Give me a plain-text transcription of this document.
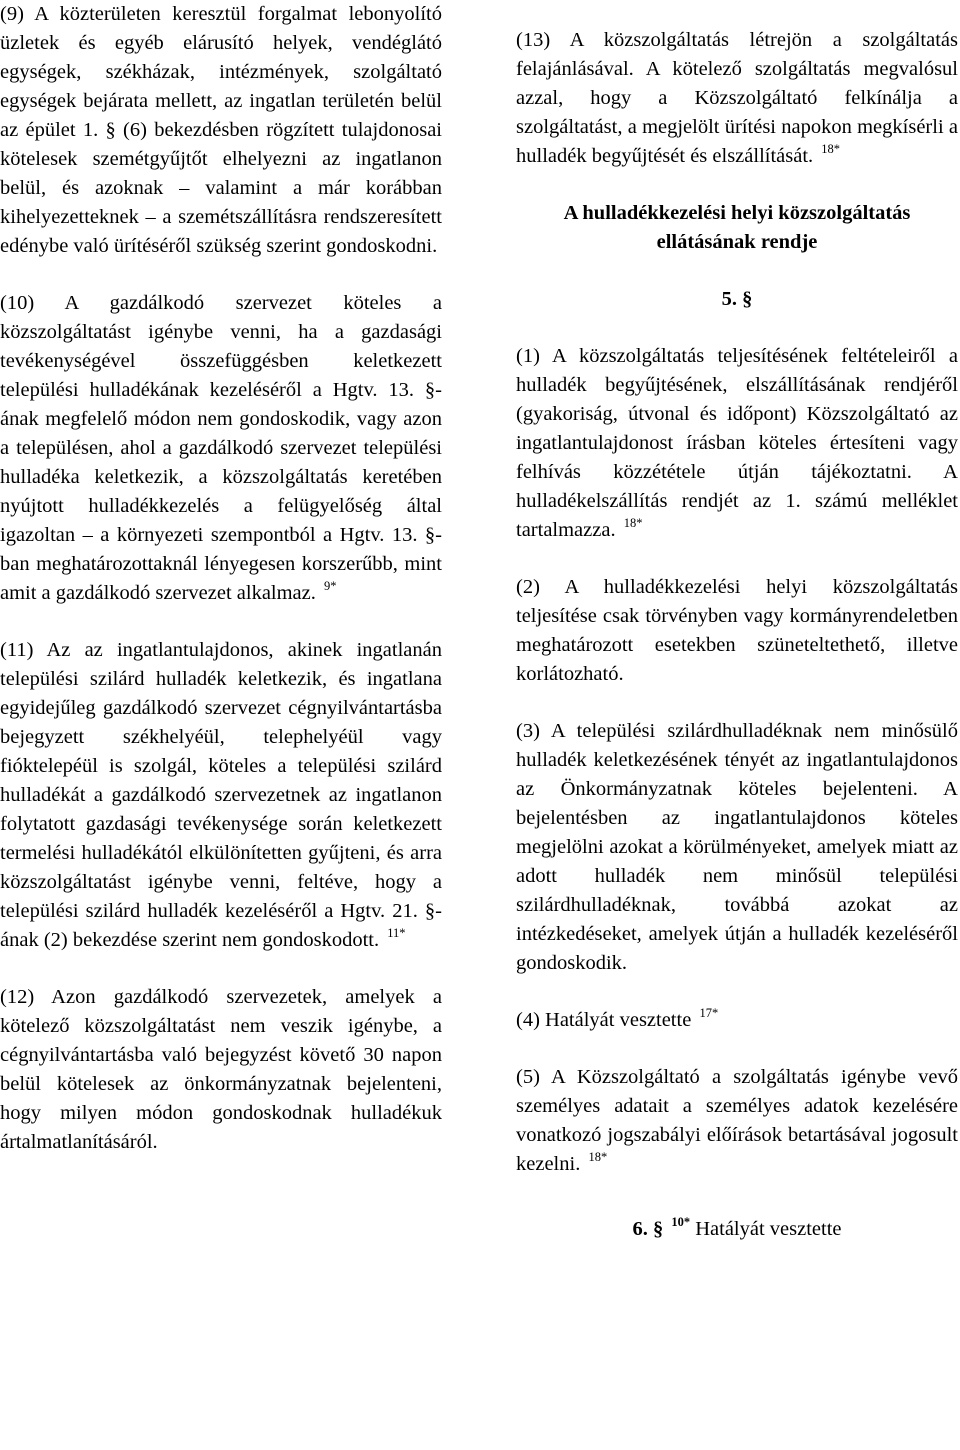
(9) A közterületen keresztül forgalmat lebonyolító üzletek és egyéb elárusító helyek, vendéglátó egységek, székházak, intézmények, szolgáltató egységek bejárata mellett, az ingatlan területén belül az épület 1. § (6) bekezdésben rögzített tulajdonosai kötelesek szemétgyűjtőt elhelyezni az ingatlanon belül, és azoknak – valamint a már korábban kihelyezetteknek – a szemétszállításra rendszeresített edénybe való ürítéséről szükség szerint gondoskodni.

(10) A gazdálkodó szervezet köteles a közszolgáltatást igénybe venni, ha a gazdasági tevékenységével összefüggésben keletkezett települési hulladékának kezeléséről a Hgtv. 13. §-ának megfelelő módon nem gondoskodik, vagy azon a településen, ahol a gazdálkodó szervezet települési hulladéka keletkezik, a közszolgáltatás keretében nyújtott hulladékkezelés a felügyelőség által igazoltan – a környezeti szempontból a Hgtv. 13. §-ban meghatározottaknál lényegesen korszerűbb, mint amit a gazdálkodó szervezet alkalmaz. $^{9*}$

(11) Az az ingatlantulajdonos, akinek ingatlanán települési szilárd hulladék keletkezik, és ingatlana egyidejűleg gazdálkodó szervezet cégnyilvántartásba bejegyzett székhelyéül, telephelyéül vagy fióktelepéül is szolgál, köteles a települési szilárd hulladékát a gazdálkodó szervezetnek az ingatlanon folytatott gazdasági tevékenysége során keletkezett termelési hulladékától elkülönítetten gyűjteni, és arra közszolgáltatást igénybe venni, feltéve, hogy a települési szilárd hulladék kezeléséről a Hgtv. 21. §-ának (2) bekezdése szerint nem gondoskodott. $^{11*}$

(12) Azon gazdálkodó szervezetek, amelyek a kötelező közszolgáltatást nem veszik igénybe, a cégnyilvántartásba való bejegyzést követő 30 napon belül kötelesek az önkormányzatnak bejelenteni, hogy milyen módon gondoskodnak hulladékuk ártalmatlanításáról.

(13) A közszolgáltatás létrejön a szolgáltatás felajánlásával. A kötelező szolgáltatás megvalósul azzal, hogy a Közszolgáltató felkínálja a szolgáltatást, a megjelölt ürítési napokon megkísérli a hulladék begyűjtését és elszállítását. $^{18*}$

A hulladékkezelési helyi közszolgáltatás ellátásának rendje
5. §

(1) A közszolgáltatás teljesítésének feltételeiről a hulladék begyűjtésének, elszállításának rendjéről (gyakoriság, útvonal és időpont) Közszolgáltató az ingatlantulajdonost írásban köteles értesíteni vagy felhívás közzététele útján tájékoztatni. A hulladékelszállítás rendjét az 1. számú melléklet tartalmazza. $^{18*}$

(2) A hulladékkezelési helyi közszolgáltatás teljesítése csak törvényben vagy kormányrendeletben meghatározott esetekben szüneteltethető, illetve korlátozható.

(3) A települési szilárdhulladéknak nem minősülő hulladék keletkezésének tényét az ingatlantulajdonos az Önkormányzatnak köteles bejelenteni. A bejelentésben az ingatlantulajdonos köteles megjelölni azokat a körülményeket, amelyek miatt az adott hulladék nem minősül települési szilárdhulladéknak, továbbá azokat az intézkedéseket, amelyek útján a hulladék kezeléséről gondoskodik.

(4) Hatályát vesztette $^{17*}$

(5) A Közszolgáltató a szolgáltatás igénybe vevő személyes adatait a személyes adatok kezelésére vonatkozó jogszabályi előírások betartásával jogosult kezelni. $^{18*}$

6. § $^{10*}$ Hatályát vesztette
